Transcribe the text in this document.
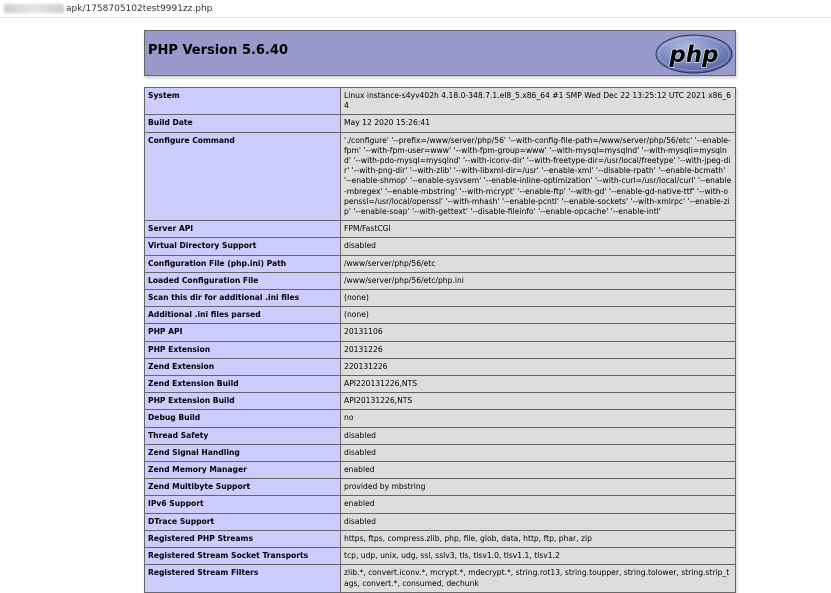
apk/1758705102test9991zz.php
PHP Version 5.6.40	php
System	Linux instance-s4yv402h 4.18.0-348.7.1.el8_5.x86_64 #1 SMP Wed Dec 22 13:25:12 UTC 2021 x86_64
Build Date	May 12 2020 15:26:41
Configure Command	'./configure' '--prefix=/www/server/php/56' '--with-config-file-path=/www/server/php/56/etc' '--enable-fpm' '--with-fpm-user=www' '--with-fpm-group=www' '--with-mysql=mysqlnd' '--with-mysqli=mysqlnd' '--with-pdo-mysql=mysqlnd' '--with-iconv-dir' '--with-freetype-dir=/usr/local/freetype' '--with-jpeg-dir' '--with-png-dir' '--with-zlib' '--with-libxml-dir=/usr' '--enable-xml' '--disable-rpath' '--enable-bcmath' '--enable-shmop' '--enable-sysvsem' '--enable-inline-optimization' '--with-curl=/usr/local/curl' '--enable-mbregex' '--enable-mbstring' '--with-mcrypt' '--enable-ftp' '--with-gd' '--enable-gd-native-ttf' '--with-openssl=/usr/local/openssl' '--with-mhash' '--enable-pcntl' '--enable-sockets' '--with-xmlrpc' '--enable-zip' '--enable-soap' '--with-gettext' '--disable-fileinfo' '--enable-opcache' '--enable-intl'
Server API	FPM/FastCGI
Virtual Directory Support	disabled
Configuration File (php.ini) Path	/www/server/php/56/etc
Loaded Configuration File	/www/server/php/56/etc/php.ini
Scan this dir for additional .ini files	(none)
Additional .ini files parsed	(none)
PHP API	20131106
PHP Extension	20131226
Zend Extension	220131226
Zend Extension Build	API220131226,NTS
PHP Extension Build	API20131226,NTS
Debug Build	no
Thread Safety	disabled
Zend Signal Handling	disabled
Zend Memory Manager	enabled
Zend Multibyte Support	provided by mbstring
IPv6 Support	enabled
DTrace Support	disabled
Registered PHP Streams	https, ftps, compress.zlib, php, file, glob, data, http, ftp, phar, zip
Registered Stream Socket Transports	tcp, udp, unix, udg, ssl, sslv3, tls, tlsv1.0, tlsv1.1, tlsv1.2
Registered Stream Filters	zlib.*, convert.iconv.*, mcrypt.*, mdecrypt.*, string.rot13, string.toupper, string.tolower, string.strip_tags, convert.*, consumed, dechunk
